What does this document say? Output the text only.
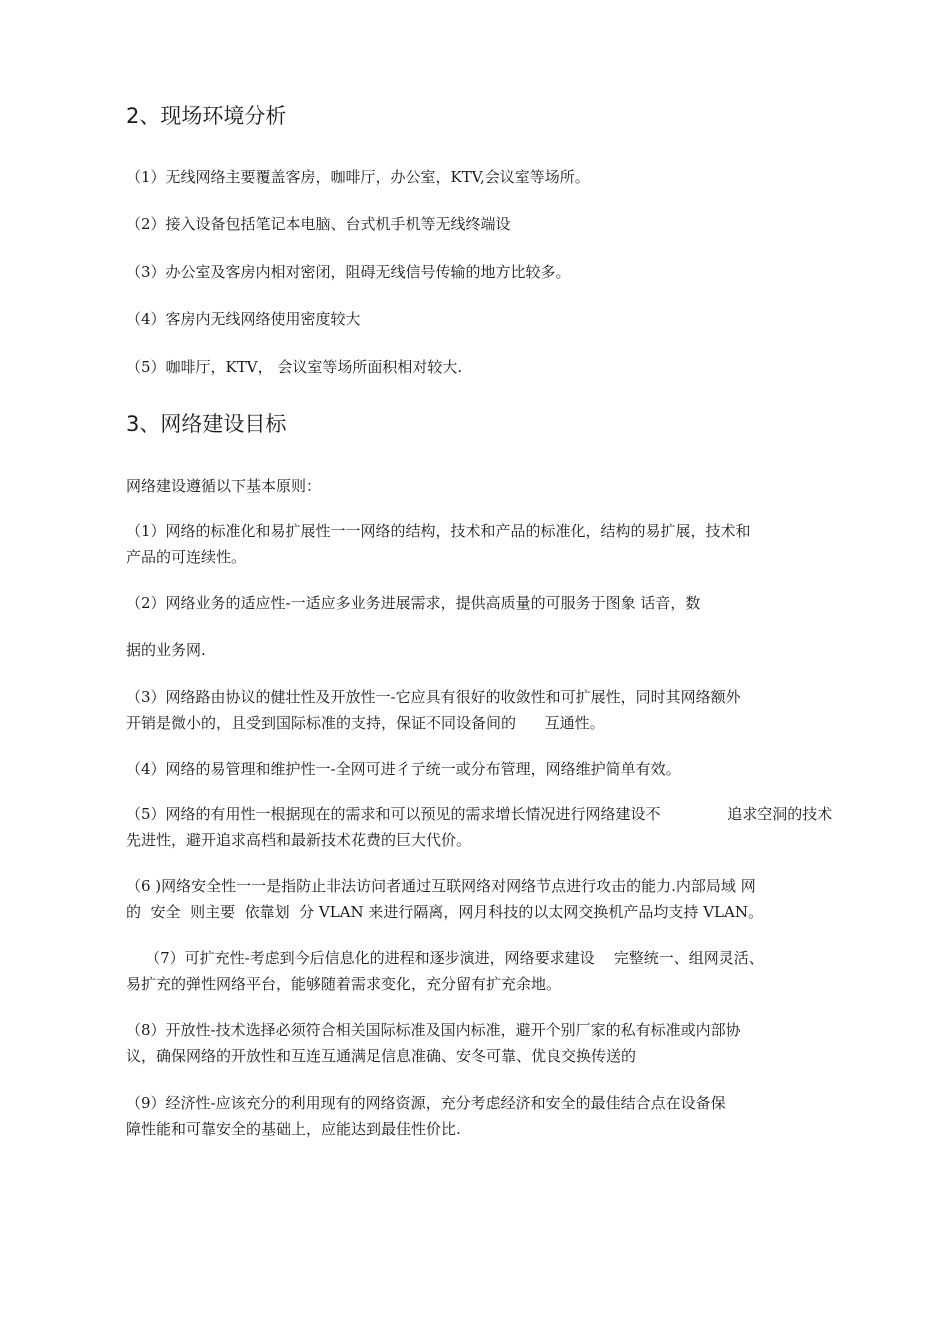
2、现场环境分析

（1）无线网络主要覆盖客房，咖啡厅，办公室，KTV,会议室等场所。

（2）接入设备包括笔记本电脑、台式机手机等无线终端设

（3）办公室及客房内相对密闭，阻碍无线信号传输的地方比较多。

（4）客房内无线网络使用密度较大

（5）咖啡厅，KTV， 会议室等场所面积相对较大.

3、网络建设目标

网络建设遵循以下基本原则：

（1）网络的标准化和易扩展性一一网络的结构，技术和产品的标准化，结构的易扩展，技术和
产品的可连续性。

（2）网络业务的适应性-一适应多业务进展需求，提供高质量的可服务于图象 话音，数

据的业务网.

（3）网络路由协议的健壮性及开放性一-它应具有很好的收敛性和可扩展性，同时其网络额外
开销是微小的，且受到国际标准的支持，保证不同设备间的      互通性。

（4）网络的易管理和维护性一-全网可进彳亍统一或分布管理，网络维护简单有效。

（5）网络的有用性一根据现在的需求和可以预见的需求增长情况进行网络建设不              追求空洞的技术
先进性，避开追求高档和最新技术花费的巨大代价。

（6 )网络安全性一一是指防止非法访问者通过互联网络对网络节点进行攻击的能力.内部局域 网
的  安全  则主要  依靠划  分 VLAN 来进行隔离，网月科技的以太网交换机产品均支持 VLAN。

（7）可扩充性-考虑到今后信息化的进程和逐步演进，网络要求建设    完整统一、组网灵活、
易扩充的弹性网络平台，能够随着需求变化，充分留有扩充余地。

（8）开放性-技术选择必须符合相关国际标准及国内标准，避开个别厂家的私有标准或内部协
议，确保网络的开放性和互连互通满足信息准确、安冬可靠、优良交换传送的

（9）经济性-应该充分的利用现有的网络资源，充分考虑经济和安全的最佳结合点在设备保
障性能和可靠安全的基础上，应能达到最佳性价比.
